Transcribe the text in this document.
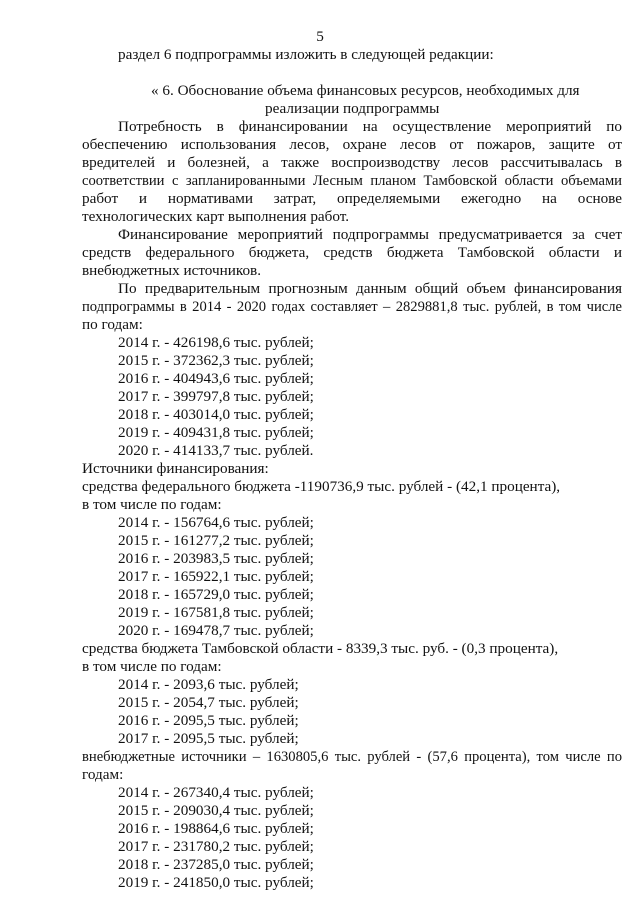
5

раздел 6 подпрограммы изложить в следующей редакции:

« 6. Обоснование объема финансовых ресурсов, необходимых для

реализации подпрограммы

Потребность в финансировании на осуществление мероприятий по

обеспечению использования лесов, охране лесов от пожаров, защите от

вредителей и болезней, а также воспроизводству лесов рассчитывалась в

соответствии с запланированными Лесным планом Тамбовской области объемами

работ и нормативами затрат, определяемыми ежегодно на основе

технологических карт выполнения работ.

Финансирование мероприятий подпрограммы предусматривается за счет

средств федерального бюджета, средств бюджета Тамбовской области и

внебюджетных источников.

По предварительным прогнозным данным общий объем финансирования

подпрограммы в 2014 - 2020 годах составляет – 2829881,8 тыс. рублей, в том числе

по годам:

2014 г. - 426198,6 тыс. рублей;

2015 г. - 372362,3 тыс. рублей;

2016 г. - 404943,6 тыс. рублей;

2017 г. - 399797,8 тыс. рублей;

2018 г. - 403014,0 тыс. рублей;

2019 г. - 409431,8 тыс. рублей;

2020 г. - 414133,7 тыс. рублей.

Источники финансирования:

средства федерального бюджета -1190736,9 тыс. рублей - (42,1 процента),

в том числе по годам:

2014 г. - 156764,6 тыс. рублей;

2015 г. - 161277,2 тыс. рублей;

2016 г. - 203983,5 тыс. рублей;

2017 г. - 165922,1 тыс. рублей;

2018 г. - 165729,0 тыс. рублей;

2019 г. - 167581,8 тыс. рублей;

2020 г. - 169478,7 тыс. рублей;

средства бюджета Тамбовской области - 8339,3 тыс. руб. - (0,3 процента),

в том числе по годам:

2014 г. - 2093,6 тыс. рублей;

2015 г. - 2054,7 тыс. рублей;

2016 г. - 2095,5 тыс. рублей;

2017 г. - 2095,5 тыс. рублей;

внебюджетные источники – 1630805,6 тыс. рублей - (57,6 процента), том числе по

годам:

2014 г. - 267340,4 тыс. рублей;

2015 г. - 209030,4 тыс. рублей;

2016 г. - 198864,6 тыс. рублей;

2017 г. - 231780,2 тыс. рублей;

2018 г. - 237285,0 тыс. рублей;

2019 г. - 241850,0 тыс. рублей;
